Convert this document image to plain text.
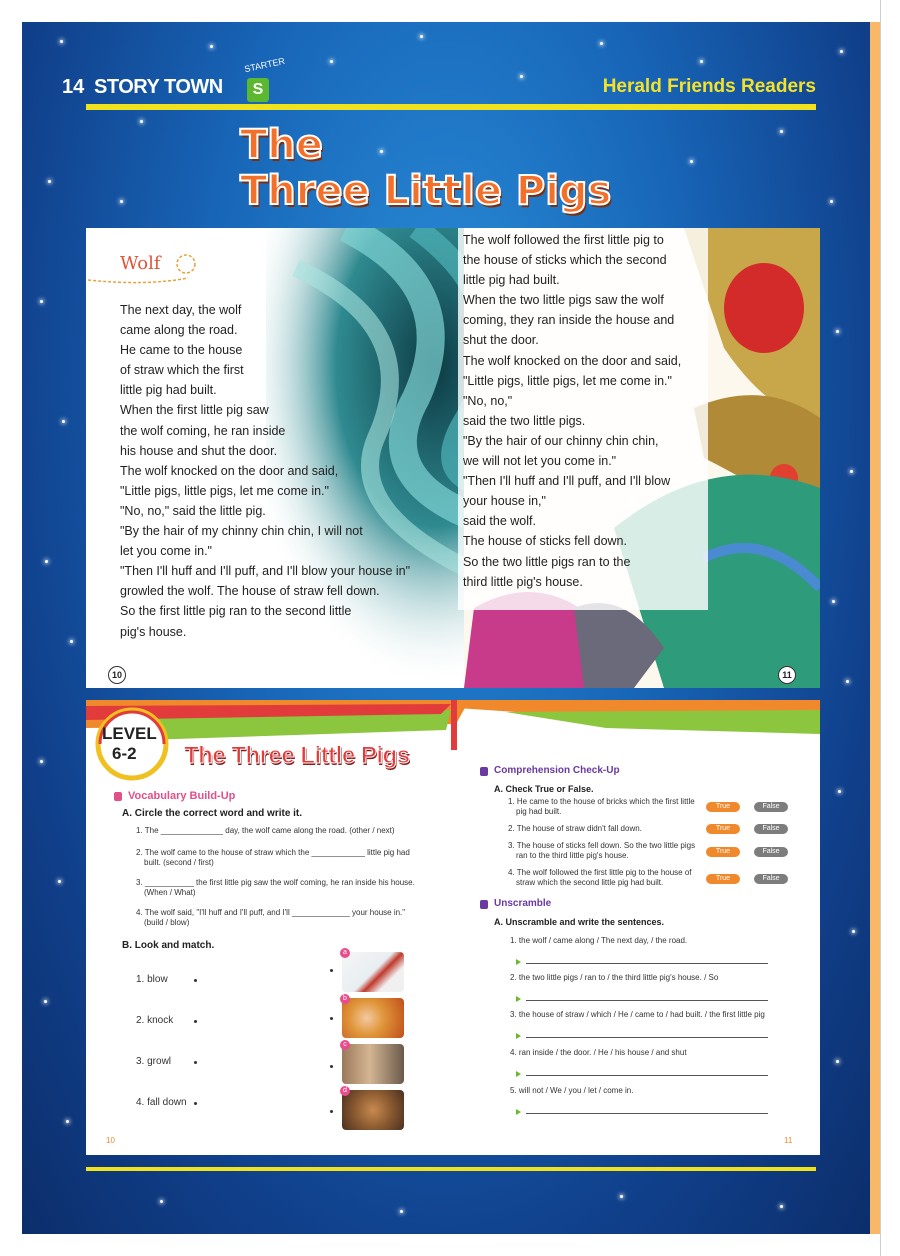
14 STORY TOWN
STARTER
S	Herald Friends Readers
The
Three Little Pigs
Wolf
The next day, the wolf
came along the road.
He came to the house
of straw which the first
little pig had built.
When the first little pig saw
the wolf coming, he ran inside
his house and shut the door.
The wolf knocked on the door and said,
"Little pigs, little pigs, let me come in."
"No, no," said the little pig.
"By the hair of my chinny chin chin, I will not
let you come in."
"Then I'll huff and I'll puff, and I'll blow your house in"
growled the wolf. The house of straw fell down.
So the first little pig ran to the second little
pig's house.
The wolf followed the first little pig to
the house of sticks which the second
little pig had built.
When the two little pigs saw the wolf
coming, they ran inside the house and
shut the door.
The wolf knocked on the door and said,
"Little pigs, little pigs, let me come in."
"No, no,"
said the two little pigs.
"By the hair of our chinny chin chin,
we will not let you come in."
"Then I'll huff and I'll puff, and I'll blow
your house in,"
said the wolf.
The house of sticks fell down.
So the two little pigs ran to the
third little pig's house.
10	11
LEVEL
6-2 The Three Little Pigs
Vocabulary Build-Up
A. Circle the correct word and write it.
1. The ______________ day, the wolf came along the road. (other / next)
2. The wolf came to the house of straw which the ____________ little pig had
built. (second / first)
3. ___________ the first little pig saw the wolf coming, he ran inside his house.
(When / What)
4. The wolf said, "I'll huff and I'll puff, and I'll _____________ your house in."
(build / blow)
B. Look and match.
1. blow
2. knock
3. growl
4. fall down
a
b
c
d
10
Comprehension Check-Up
A. Check True or False.
1. He came to the house of bricks which the first little
pig had built.
True	False
2. The house of straw didn't fall down.	True	False
3. The house of sticks fell down. So the two little pigs
ran to the third little pig's house.	True	False
4. The wolf followed the first little pig to the house of
straw which the second little pig had built.	True	False
Unscramble
A. Unscramble and write the sentences.
1. the wolf / came along / The next day, / the road.
2. the two little pigs / ran to / the third little pig's house. / So
3. the house of straw / which / He / came to / had built. / the first little pig
4. ran inside / the door. / He / his house / and shut
5. will not / We / you / let / come in.
11
